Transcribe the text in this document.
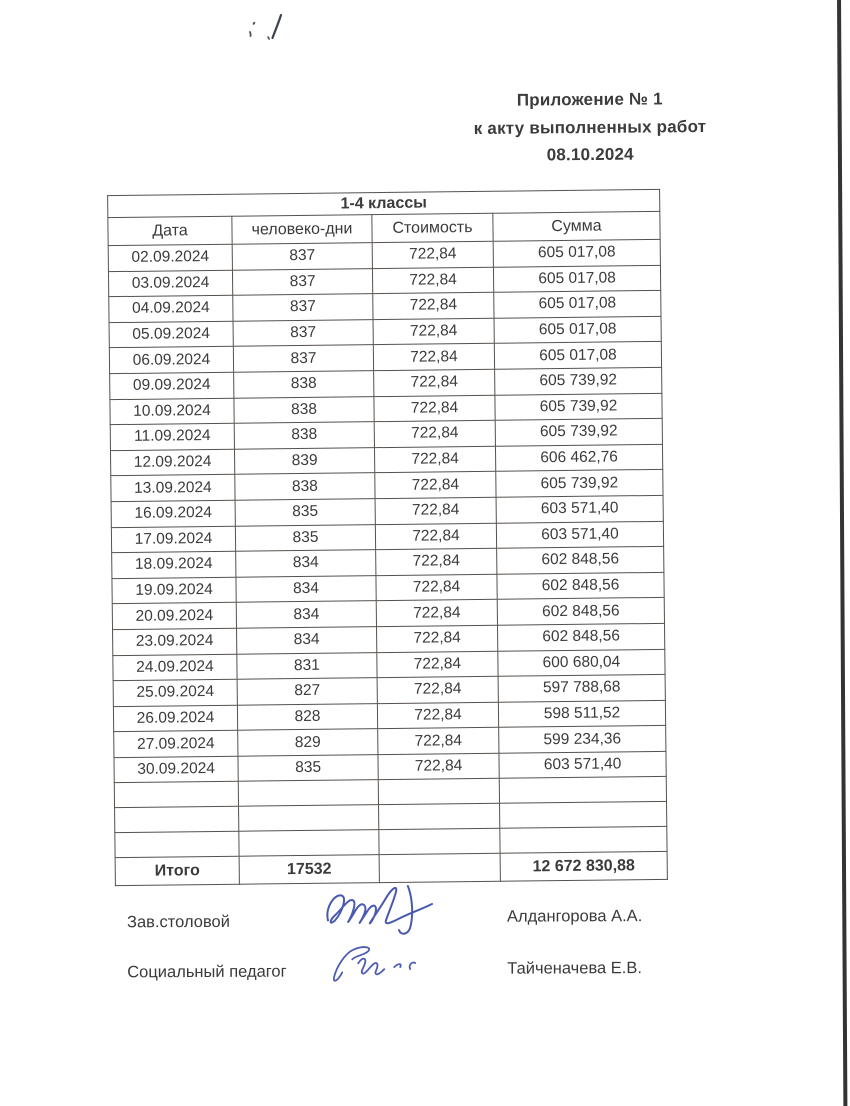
Приложение № 1
к акту выполненных работ
08.10.2024
1-4 классы			
Дата	человеко-дни	Стоимость	Сумма
02.09.2024	837	722,84	605 017,08
03.09.2024	837	722,84	605 017,08
04.09.2024	837	722,84	605 017,08
05.09.2024	837	722,84	605 017,08
06.09.2024	837	722,84	605 017,08
09.09.2024	838	722,84	605 739,92
10.09.2024	838	722,84	605 739,92
11.09.2024	838	722,84	605 739,92
12.09.2024	839	722,84	606 462,76
13.09.2024	838	722,84	605 739,92
16.09.2024	835	722,84	603 571,40
17.09.2024	835	722,84	603 571,40
18.09.2024	834	722,84	602 848,56
19.09.2024	834	722,84	602 848,56
20.09.2024	834	722,84	602 848,56
23.09.2024	834	722,84	602 848,56
24.09.2024	831	722,84	600 680,04
25.09.2024	827	722,84	597 788,68
26.09.2024	828	722,84	598 511,52
27.09.2024	829	722,84	599 234,36
30.09.2024	835	722,84	603 571,40

Итого	17532		12 672 830,88
Зав.столовой	Алдангорова А.А.
Социальный педагог	Тайченачева Е.В.
